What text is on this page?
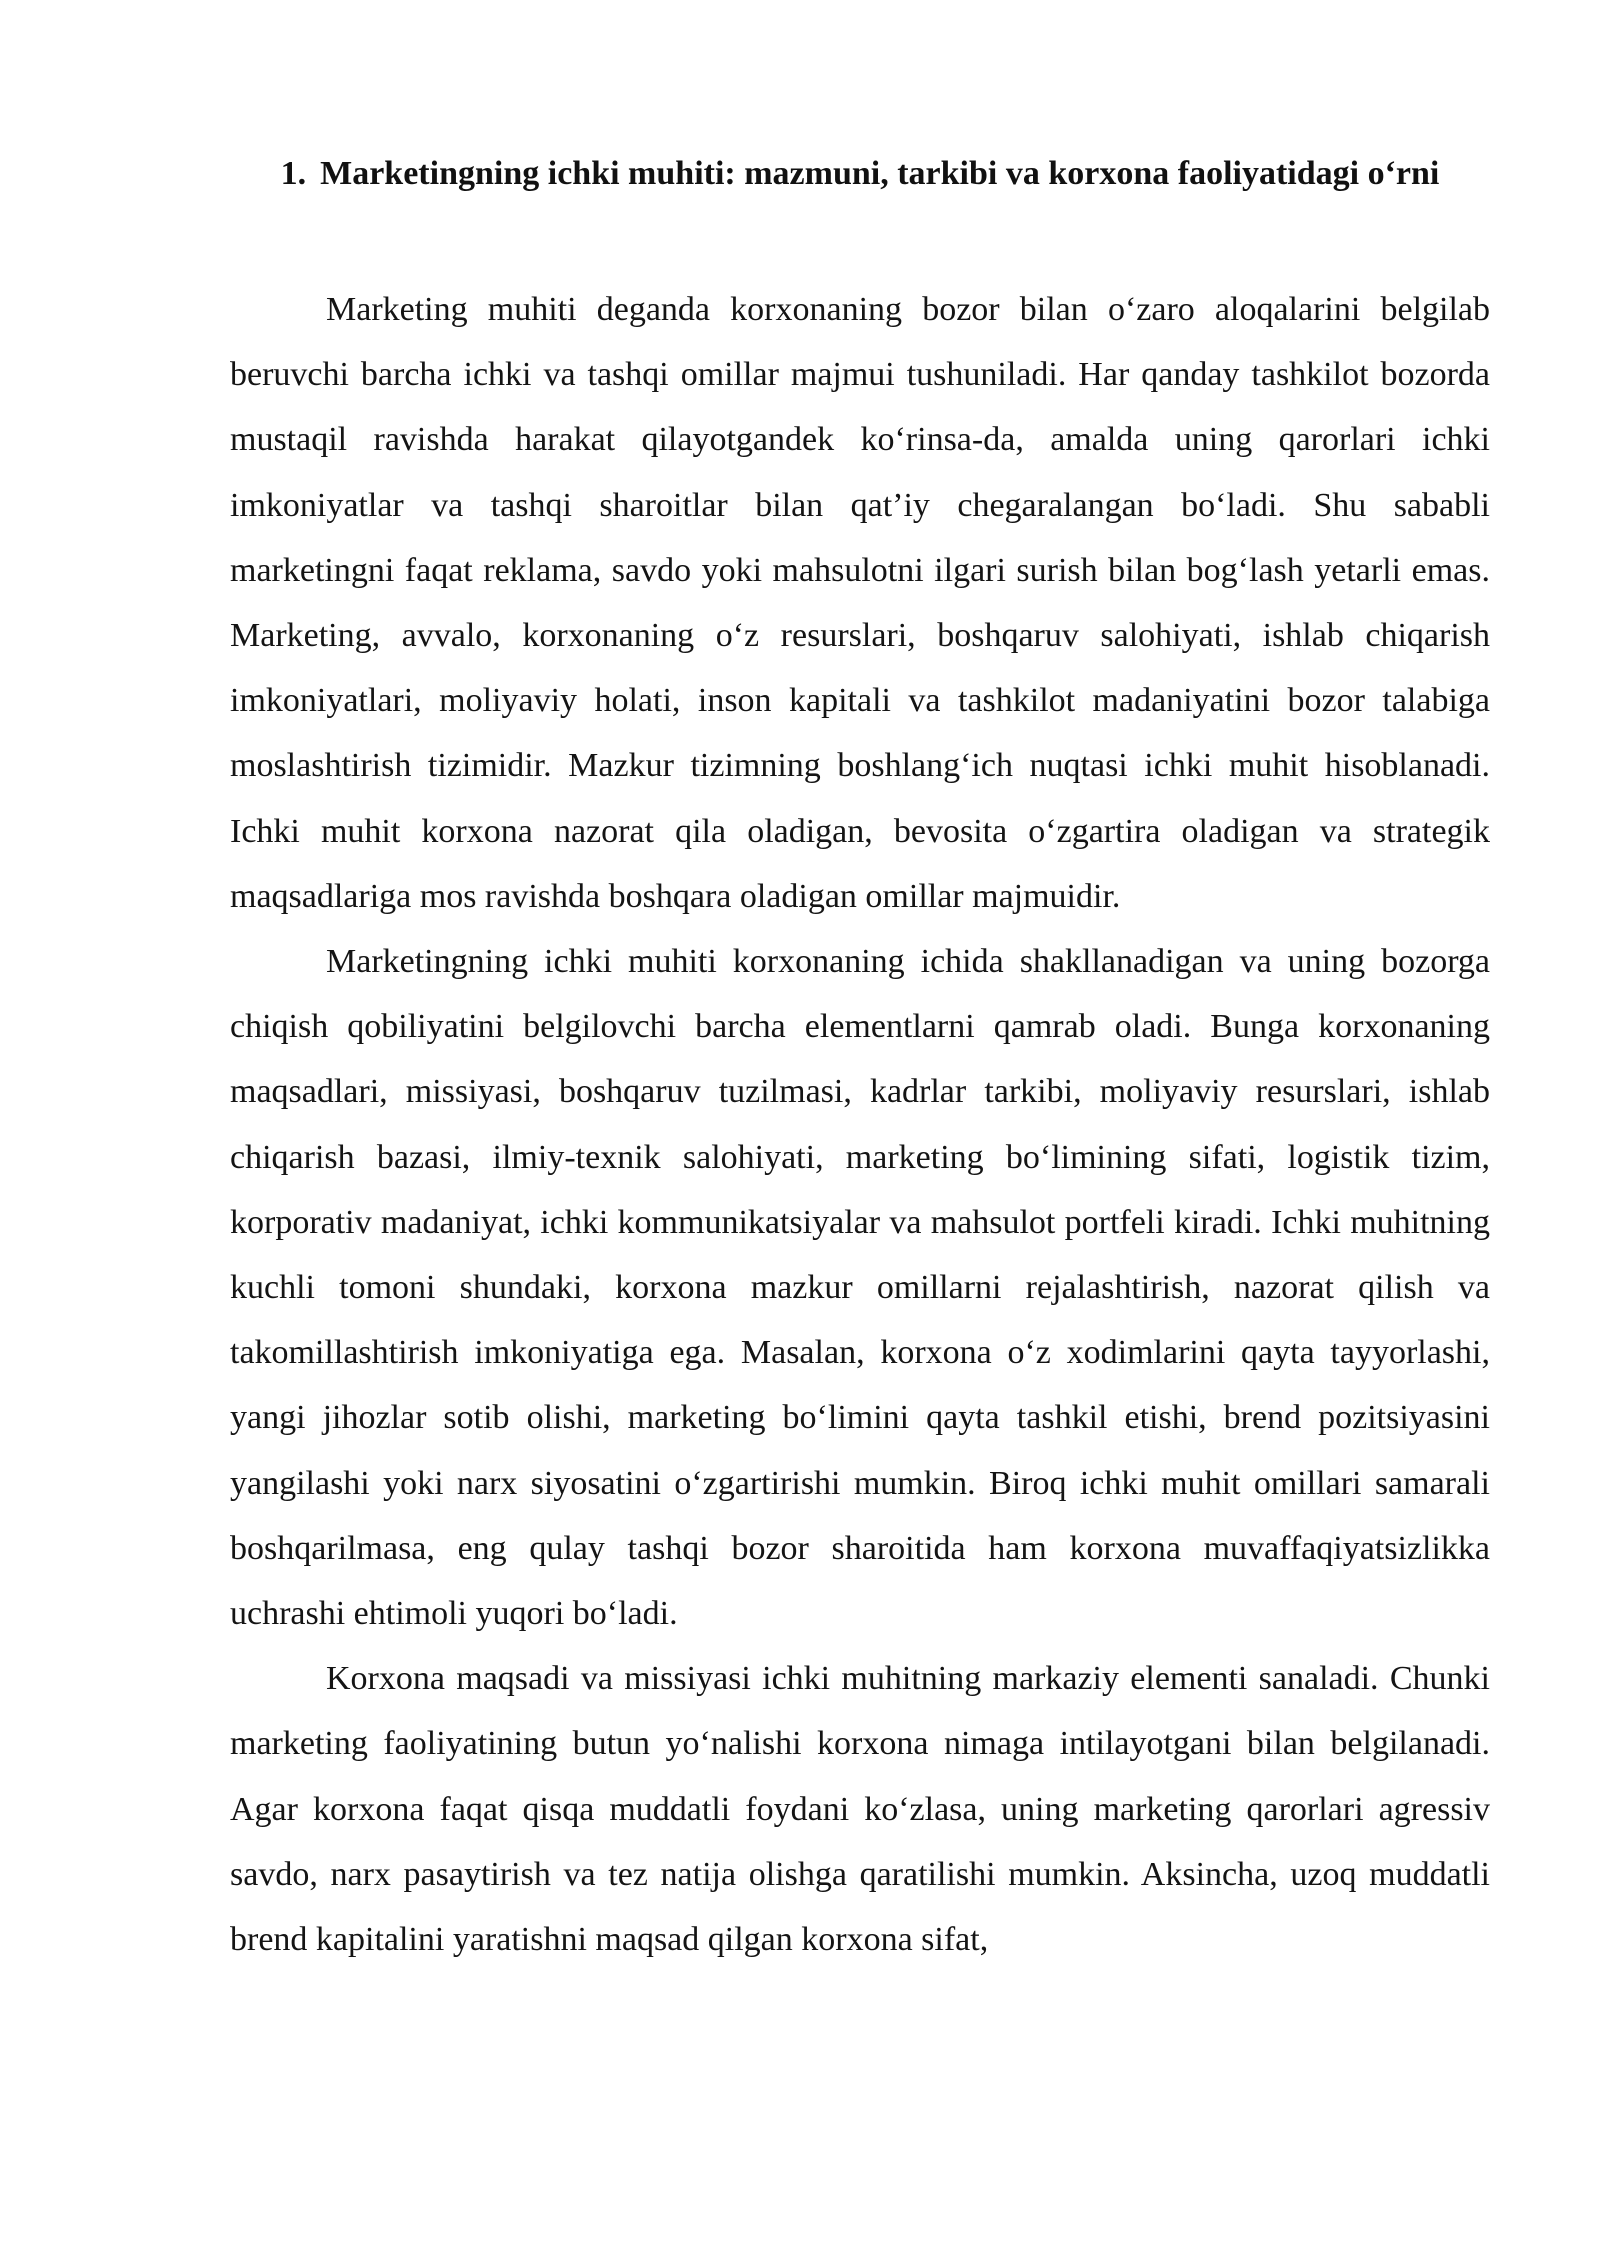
1. Marketingning ichki muhiti: mazmuni, tarkibi va korxona faoliyatidagi o‘rni

Marketing muhiti deganda korxonaning bozor bilan o‘zaro aloqalarini belgilab beruvchi barcha ichki va tashqi omillar majmui tushuniladi. Har qanday tashkilot bozorda mustaqil ravishda harakat qilayotgandek ko‘rinsa-da, amalda uning qarorlari ichki imkoniyatlar va tashqi sharoitlar bilan qat’iy chegaralangan bo‘ladi. Shu sababli marketingni faqat reklama, savdo yoki mahsulotni ilgari surish bilan bog‘lash yetarli emas. Marketing, avvalo, korxonaning o‘z resurslari, boshqaruv salohiyati, ishlab chiqarish imkoniyatlari, moliyaviy holati, inson kapitali va tashkilot madaniyatini bozor talabiga moslashtirish tizimidir. Mazkur tizimning boshlang‘ich nuqtasi ichki muhit hisoblanadi. Ichki muhit korxona nazorat qila oladigan, bevosita o‘zgartira oladigan va strategik maqsadlariga mos ravishda boshqara oladigan omillar majmuidir.

Marketingning ichki muhiti korxonaning ichida shakllanadigan va uning bozorga chiqish qobiliyatini belgilovchi barcha elementlarni qamrab oladi. Bunga korxonaning maqsadlari, missiyasi, boshqaruv tuzilmasi, kadrlar tarkibi, moliyaviy resurslari, ishlab chiqarish bazasi, ilmiy-texnik salohiyati, marketing bo‘limining sifati, logistik tizim, korporativ madaniyat, ichki kommunikatsiyalar va mahsulot portfeli kiradi. Ichki muhitning kuchli tomoni shundaki, korxona mazkur omillarni rejalashtirish, nazorat qilish va takomillashtirish imkoniyatiga ega. Masalan, korxona o‘z xodimlarini qayta tayyorlashi, yangi jihozlar sotib olishi, marketing bo‘limini qayta tashkil etishi, brend pozitsiyasini yangilashi yoki narx siyosatini o‘zgartirishi mumkin. Biroq ichki muhit omillari samarali boshqarilmasa, eng qulay tashqi bozor sharoitida ham korxona muvaffaqiyatsizlikka uchrashi ehtimoli yuqori bo‘ladi.

Korxona maqsadi va missiyasi ichki muhitning markaziy elementi sanaladi. Chunki marketing faoliyatining butun yo‘nalishi korxona nimaga intilayotgani bilan belgilanadi. Agar korxona faqat qisqa muddatli foydani ko‘zlasa, uning marketing qarorlari agressiv savdo, narx pasaytirish va tez natija olishga qaratilishi mumkin. Aksincha, uzoq muddatli brend kapitalini yaratishni maqsad qilgan korxona sifat,
